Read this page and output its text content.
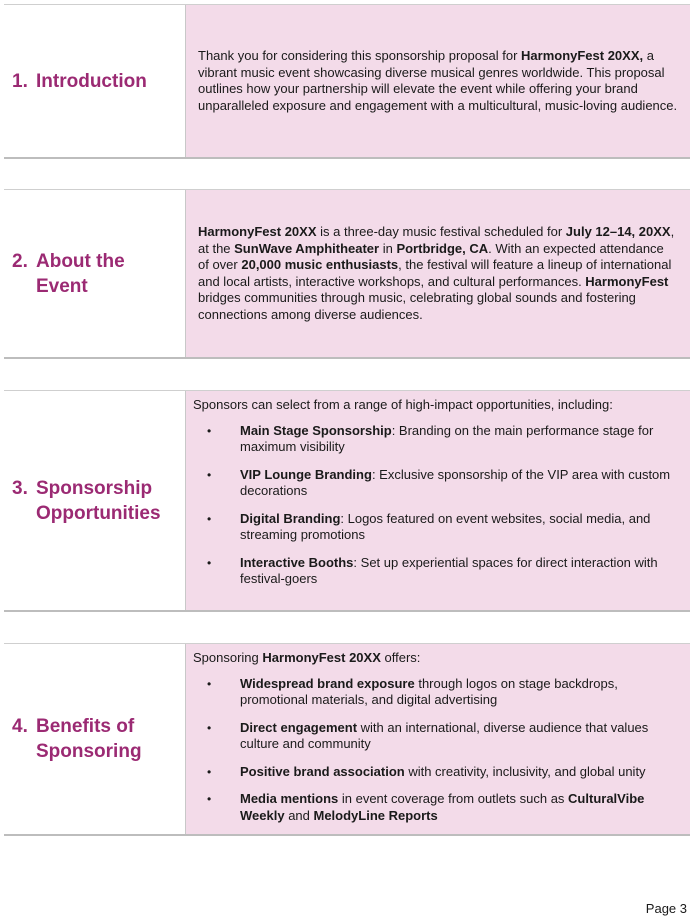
1. Introduction

Thank you for considering this sponsorship proposal for HarmonyFest 20XX, a vibrant music event showcasing diverse musical genres worldwide. This proposal outlines how your partnership will elevate the event while offering your brand unparalleled exposure and engagement with a multicultural, music-loving audience.

2. About the
Event

HarmonyFest 20XX is a three-day music festival scheduled for July 12–14, 20XX, at the SunWave Amphitheater in Portbridge, CA. With an expected attendance of over 20,000 music enthusiasts, the festival will feature a lineup of international and local artists, interactive workshops, and cultural performances. HarmonyFest bridges communities through music, celebrating global sounds and fostering connections among diverse audiences.

3. Sponsorship
Opportunities

Sponsors can select from a range of high-impact opportunities, including:

•	Main Stage Sponsorship: Branding on the main performance stage for maximum visibility
•	VIP Lounge Branding: Exclusive sponsorship of the VIP area with custom decorations
•	Digital Branding: Logos featured on event websites, social media, and streaming promotions
•	Interactive Booths: Set up experiential spaces for direct interaction with festival-goers
4. Benefits of
Sponsoring

Sponsoring HarmonyFest 20XX offers:

•	Widespread brand exposure through logos on stage backdrops, promotional materials, and digital advertising
•	Direct engagement with an international, diverse audience that values culture and community
•	Positive brand association with creativity, inclusivity, and global unity
•	Media mentions in event coverage from outlets such as CulturalVibe Weekly and MelodyLine Reports
Page 3
